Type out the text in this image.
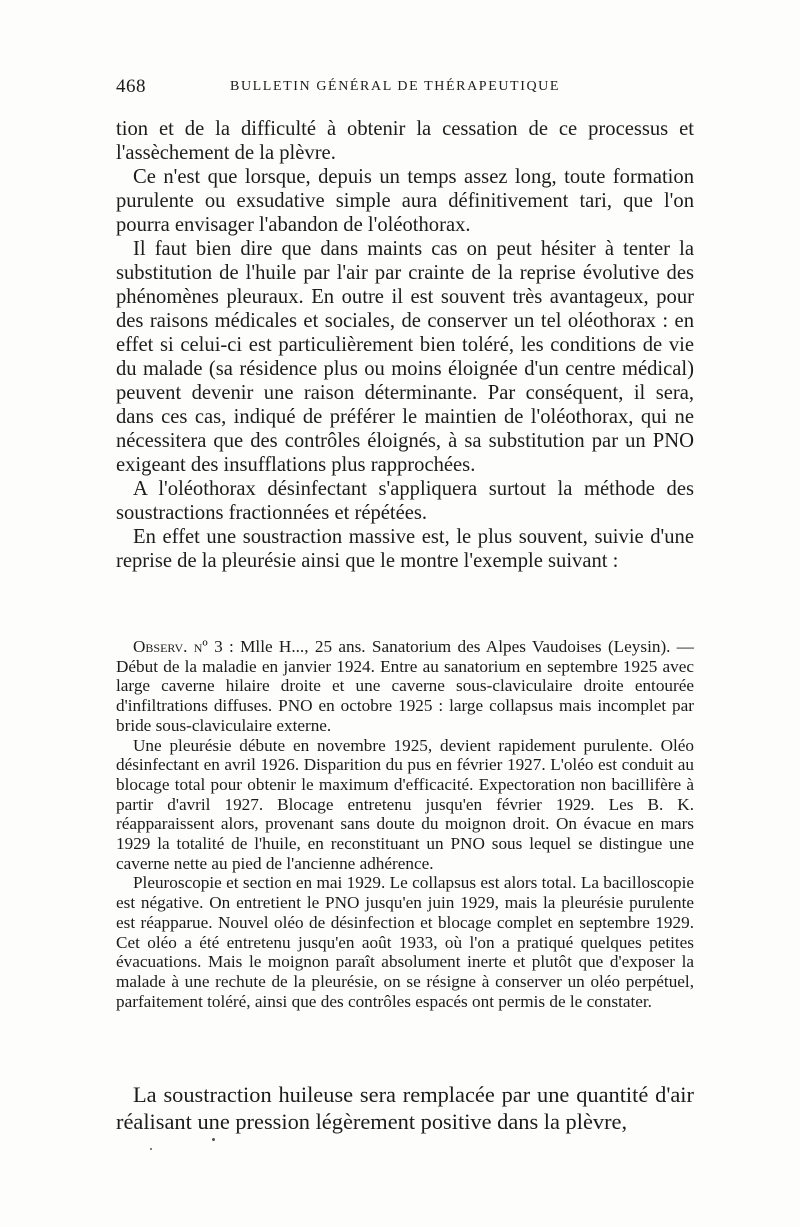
468	BULLETIN GÉNÉRAL DE THÉRAPEUTIQUE

tion et de la difficulté à obtenir la cessation de ce processus et l'assèchement de la plèvre.

Ce n'est que lorsque, depuis un temps assez long, toute formation purulente ou exsudative simple aura définitivement tari, que l'on pourra envisager l'abandon de l'oléothorax.

Il faut bien dire que dans maints cas on peut hésiter à tenter la substitution de l'huile par l'air par crainte de la reprise évolutive des phénomènes pleuraux. En outre il est souvent très avantageux, pour des raisons médicales et sociales, de conserver un tel oléothorax : en effet si celui-ci est particulièrement bien toléré, les conditions de vie du malade (sa résidence plus ou moins éloignée d'un centre médical) peuvent devenir une raison déterminante. Par conséquent, il sera, dans ces cas, indiqué de préférer le maintien de l'oléothorax, qui ne nécessitera que des contrôles éloignés, à sa substitution par un PNO exigeant des insufflations plus rapprochées.

A l'oléothorax désinfectant s'appliquera surtout la méthode des soustractions fractionnées et répétées.

En effet une soustraction massive est, le plus souvent, suivie d'une reprise de la pleurésie ainsi que le montre l'exemple suivant :

Observ. nº 3 : Mlle H..., 25 ans. Sanatorium des Alpes Vaudoises (Leysin). — Début de la maladie en janvier 1924. Entre au sanatorium en septembre 1925 avec large caverne hilaire droite et une caverne sous-claviculaire droite entourée d'infiltrations diffuses. PNO en octobre 1925 : large collapsus mais incomplet par bride sous-claviculaire externe.

Une pleurésie débute en novembre 1925, devient rapidement purulente. Oléo désinfectant en avril 1926. Disparition du pus en février 1927. L'oléo est conduit au blocage total pour obtenir le maximum d'efficacité. Expectoration non bacillifère à partir d'avril 1927. Blocage entretenu jusqu'en février 1929. Les B. K. réapparaissent alors, provenant sans doute du moignon droit. On évacue en mars 1929 la totalité de l'huile, en reconstituant un PNO sous lequel se distingue une caverne nette au pied de l'ancienne adhérence.

Pleuroscopie et section en mai 1929. Le collapsus est alors total. La bacilloscopie est négative. On entretient le PNO jusqu'en juin 1929, mais la pleurésie purulente est réapparue. Nouvel oléo de désinfection et blocage complet en septembre 1929. Cet oléo a été entretenu jusqu'en août 1933, où l'on a pratiqué quelques petites évacuations. Mais le moignon paraît absolument inerte et plutôt que d'exposer la malade à une rechute de la pleurésie, on se résigne à conserver un oléo perpétuel, parfaitement toléré, ainsi que des contrôles espacés ont permis de le constater.

La soustraction huileuse sera remplacée par une quantité d'air réalisant une pression légèrement positive dans la plèvre,
